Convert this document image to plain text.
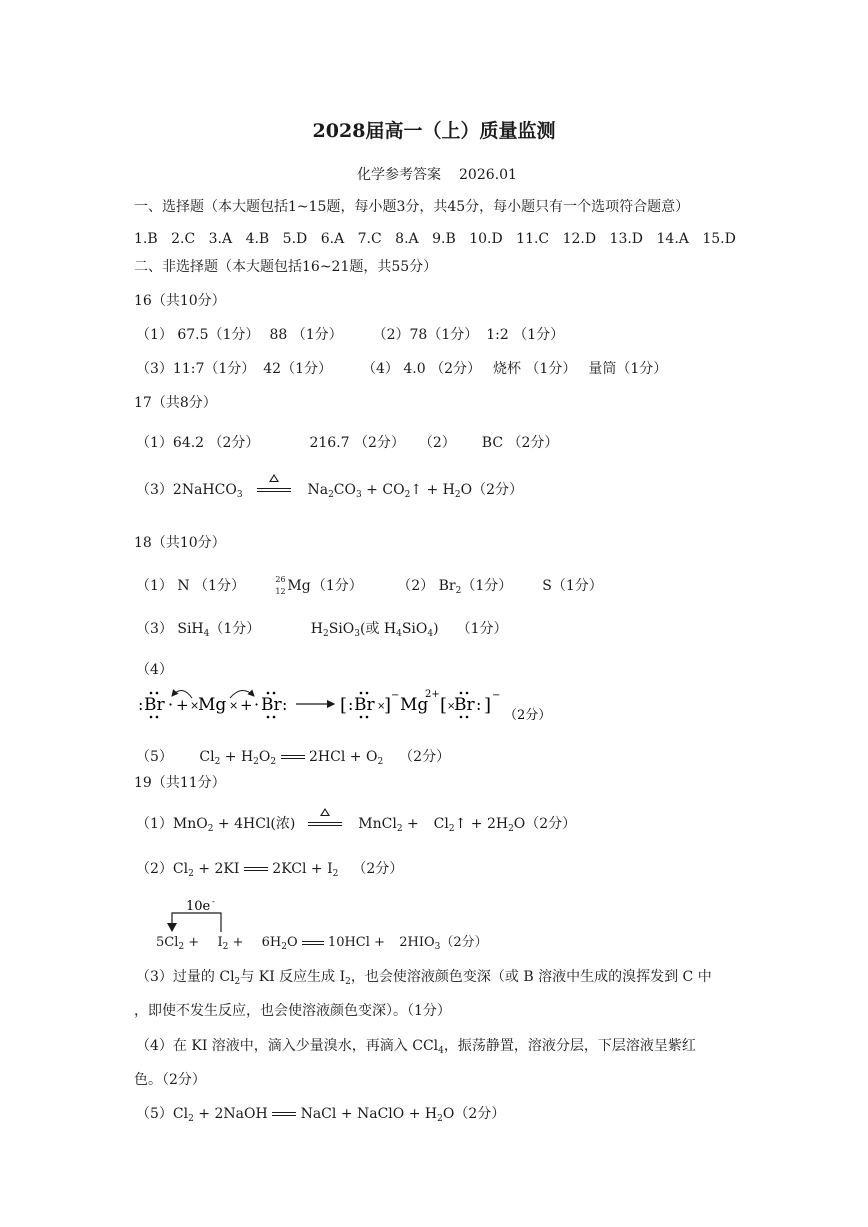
2028届高一（上）质量监测
化学参考答案 2026.01
一、选择题（本大题包括1~15题，每小题3分，共45分，每小题只有一个选项符合题意）
1.B 2.C 3.A 4.B 5.D 6.A 7.C 8.A 9.B 10.D 11.C 12.D 13.D 14.A 15.D
二、非选择题（本大题包括16~21题，共55分）
16（共10分）
（1） 67.5（1分） 88 （1分） （2）78（1分） 1:2 （1分）
（3）11:7（1分） 42（1分） （4） 4.0 （2分） 烧杯 （1分） 量筒（1分）
17（共8分）
（1）64.2 （2分）	216.7 （2分） （2） BC （2分）
（3）2NaHCO$_3$	$Na_2CO_3$ + $CO_2↑ + H_2O(2$分）
18（共10分）
（1） N （1分）	26
12 Mg （1分） （2） $Br_2(1$分） S（1分）
（3） SiH$_4$（1分）	$H_2SiO_3$(或 $H_4SiO_4$) （1分）
（4）
: Br · + ×
Mg × + · Br :	[ : Br ×
] − Mg
2+
[ ×
Br : ] −
（2分）
（5） $Cl_2 + H_2O_2$ $2HCl + O_2$ （2分）
19（共11分）
（1）MnO$_2$ + 4HCl(浓)	MnCl$_2$ +  $Cl_2↑ + 2H_2O(2$分）
$(2)Cl_2 + 2KI$ $2KCl + I_2$ （2分）
10e -
$5Cl_2 + I_2 + 6H_2O$ $10HCl + 2HIO_3(2$分）
（3）过量的 $Cl_2$与 KI 反应生成 $I_2$，也会使溶液颜色变深（或 B 溶液中生成的溴挥发到 C 中
，即使不发生反应，也会使溶液颜色变深）。（1分）
（4）在 KI 溶液中，滴入少量溴水，再滴入 CCl$_4$，振荡静置，溶液分层，下层溶液呈紫红
色。（2分）
$(5)Cl_2$ + 2NaOH NaCl + NaClO + $H_2O(2$分）
